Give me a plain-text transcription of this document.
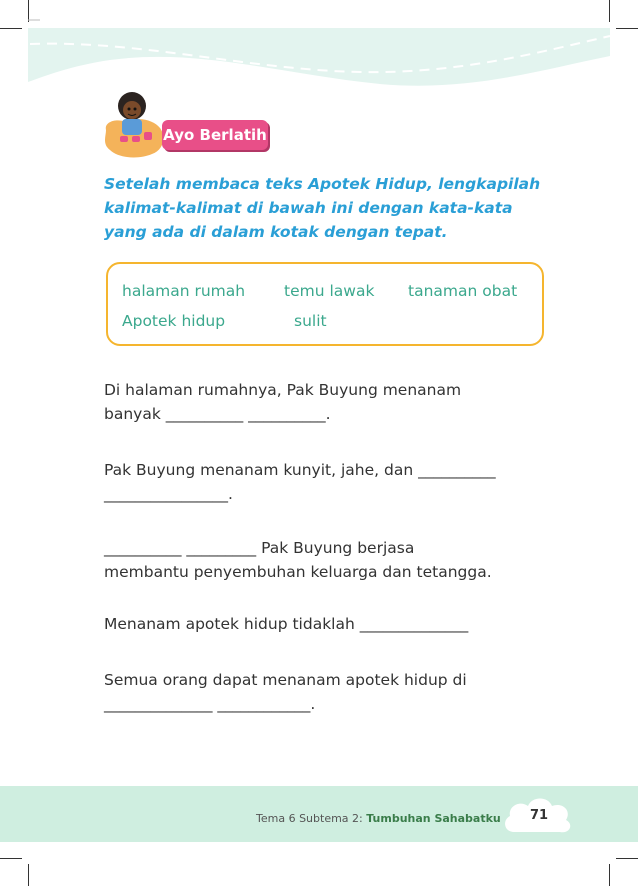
Ayo Berlatih
Setelah membaca teks Apotek Hidup, lengkapilah kalimat-kalimat di bawah ini dengan kata-kata yang ada di dalam kotak dengan tepat.
halaman rumah	temu lawak tanaman obat
Apotek hidup	sulit
Di halaman rumahnya, Pak Buyung menanam
banyak __________ __________.
Pak Buyung menanam kunyit, jahe, dan __________
________________.
__________ _________ Pak Buyung berjasa
membantu penyembuhan keluarga dan tetangga.
Menanam apotek hidup tidaklah ______________
Semua orang dapat menanam apotek hidup di
______________ ____________.
Tema 6 Subtema 2: Tumbuhan Sahabatku	71
